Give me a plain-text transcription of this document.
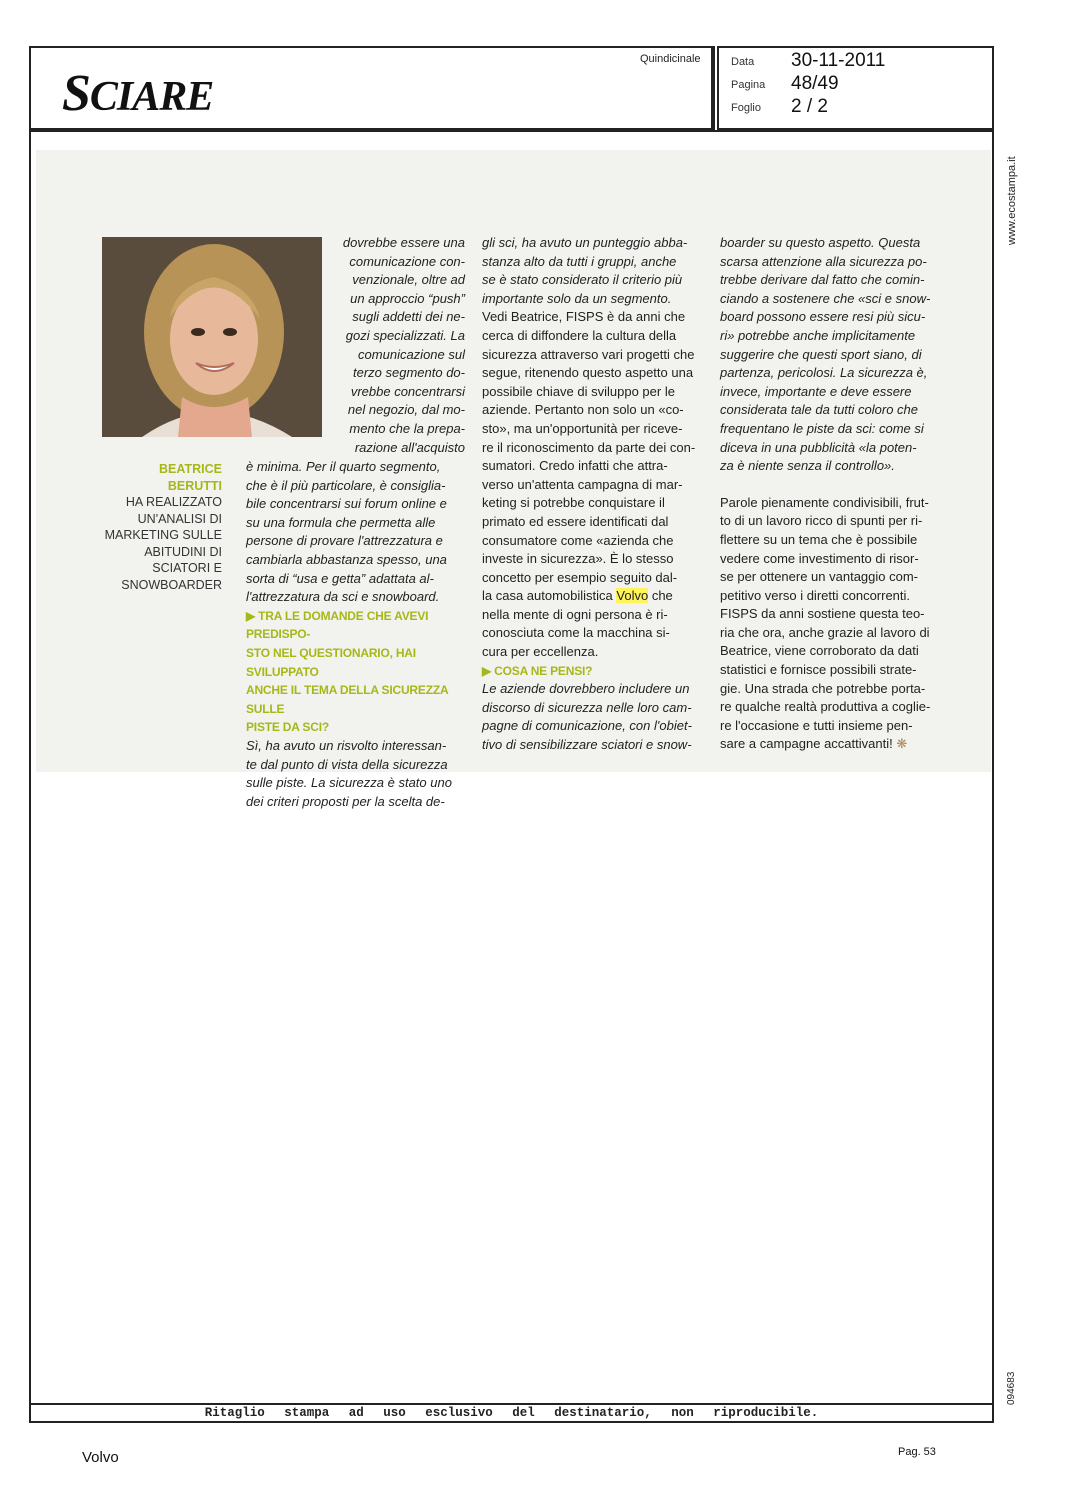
SCIARE
Quindicinale	Data 30-11-2011
Pagina 48/49
Foglio 2 / 2
www.ecostampa.it
094683
BEATRICE
BERUTTI
HA REALIZZATO
UN'ANALISI DI
MARKETING SULLE
ABITUDINI DI
SCIATORI E
SNOWBOARDER

dovrebbe essere una

comunicazione con-

venzionale, oltre ad

un approccio “push”

sugli addetti dei ne-

gozi specializzati. La

comunicazione sul

terzo segmento do-

vrebbe concentrarsi

nel negozio, dal mo-

mento che la prepa-

razione all'acquisto

è minima. Per il quarto segmento,

che è il più particolare, è consiglia-

bile concentrarsi sui forum online e

su una formula che permetta alle

persone di provare l'attrezzatura e

cambiarla abbastanza spesso, una

sorta di “usa e getta” adattata al-

l'attrezzatura da sci e snowboard.

▶ TRA LE DOMANDE CHE AVEVI PREDISPO-

STO NEL QUESTIONARIO, HAI SVILUPPATO

ANCHE IL TEMA DELLA SICUREZZA SULLE

PISTE DA SCI?

Sì, ha avuto un risvolto interessan-

te dal punto di vista della sicurezza

sulle piste. La sicurezza è stato uno

dei criteri proposti per la scelta de-

gli sci, ha avuto un punteggio abba-

stanza alto da tutti i gruppi, anche

se è stato considerato il criterio più

importante solo da un segmento.

Vedi Beatrice, FISPS è da anni che

cerca di diffondere la cultura della

sicurezza attraverso vari progetti che

segue, ritenendo questo aspetto una

possibile chiave di sviluppo per le

aziende. Pertanto non solo un «co-

sto», ma un'opportunità per riceve-

re il riconoscimento da parte dei con-

sumatori. Credo infatti che attra-

verso un'attenta campagna di mar-

keting si potrebbe conquistare il

primato ed essere identificati dal

consumatore come «azienda che

investe in sicurezza». È lo stesso

concetto per esempio seguito dal-

la casa automobilistica Volvo che

nella mente di ogni persona è ri-

conosciuta come la macchina si-

cura per eccellenza.

▶ COSA NE PENSI?

Le aziende dovrebbero includere un

discorso di sicurezza nelle loro cam-

pagne di comunicazione, con l'obiet-

tivo di sensibilizzare sciatori e snow-

boarder su questo aspetto. Questa

scarsa attenzione alla sicurezza po-

trebbe derivare dal fatto che comin-

ciando a sostenere che «sci e snow-

board possono essere resi più sicu-

ri» potrebbe anche implicitamente

suggerire che questi sport siano, di

partenza, pericolosi. La sicurezza è,

invece, importante e deve essere

considerata tale da tutti coloro che

frequentano le piste da sci: come si

diceva in una pubblicità «la poten-

za è niente senza il controllo».

Parole pienamente condivisibili, frut-

to di un lavoro ricco di spunti per ri-

flettere su un tema che è possibile

vedere come investimento di risor-

se per ottenere un vantaggio com-

petitivo verso i diretti concorrenti.

FISPS da anni sostiene questa teo-

ria che ora, anche grazie al lavoro di

Beatrice, viene corroborato da dati

statistici e fornisce possibili strate-

gie. Una strada che potrebbe porta-

re qualche realtà produttiva a coglie-

re l'occasione e tutti insieme pen-

sare a campagne accattivanti! ❋

Ritaglio stampa ad uso esclusivo del destinatario, non riproducibile.
Volvo	Pag. 53
